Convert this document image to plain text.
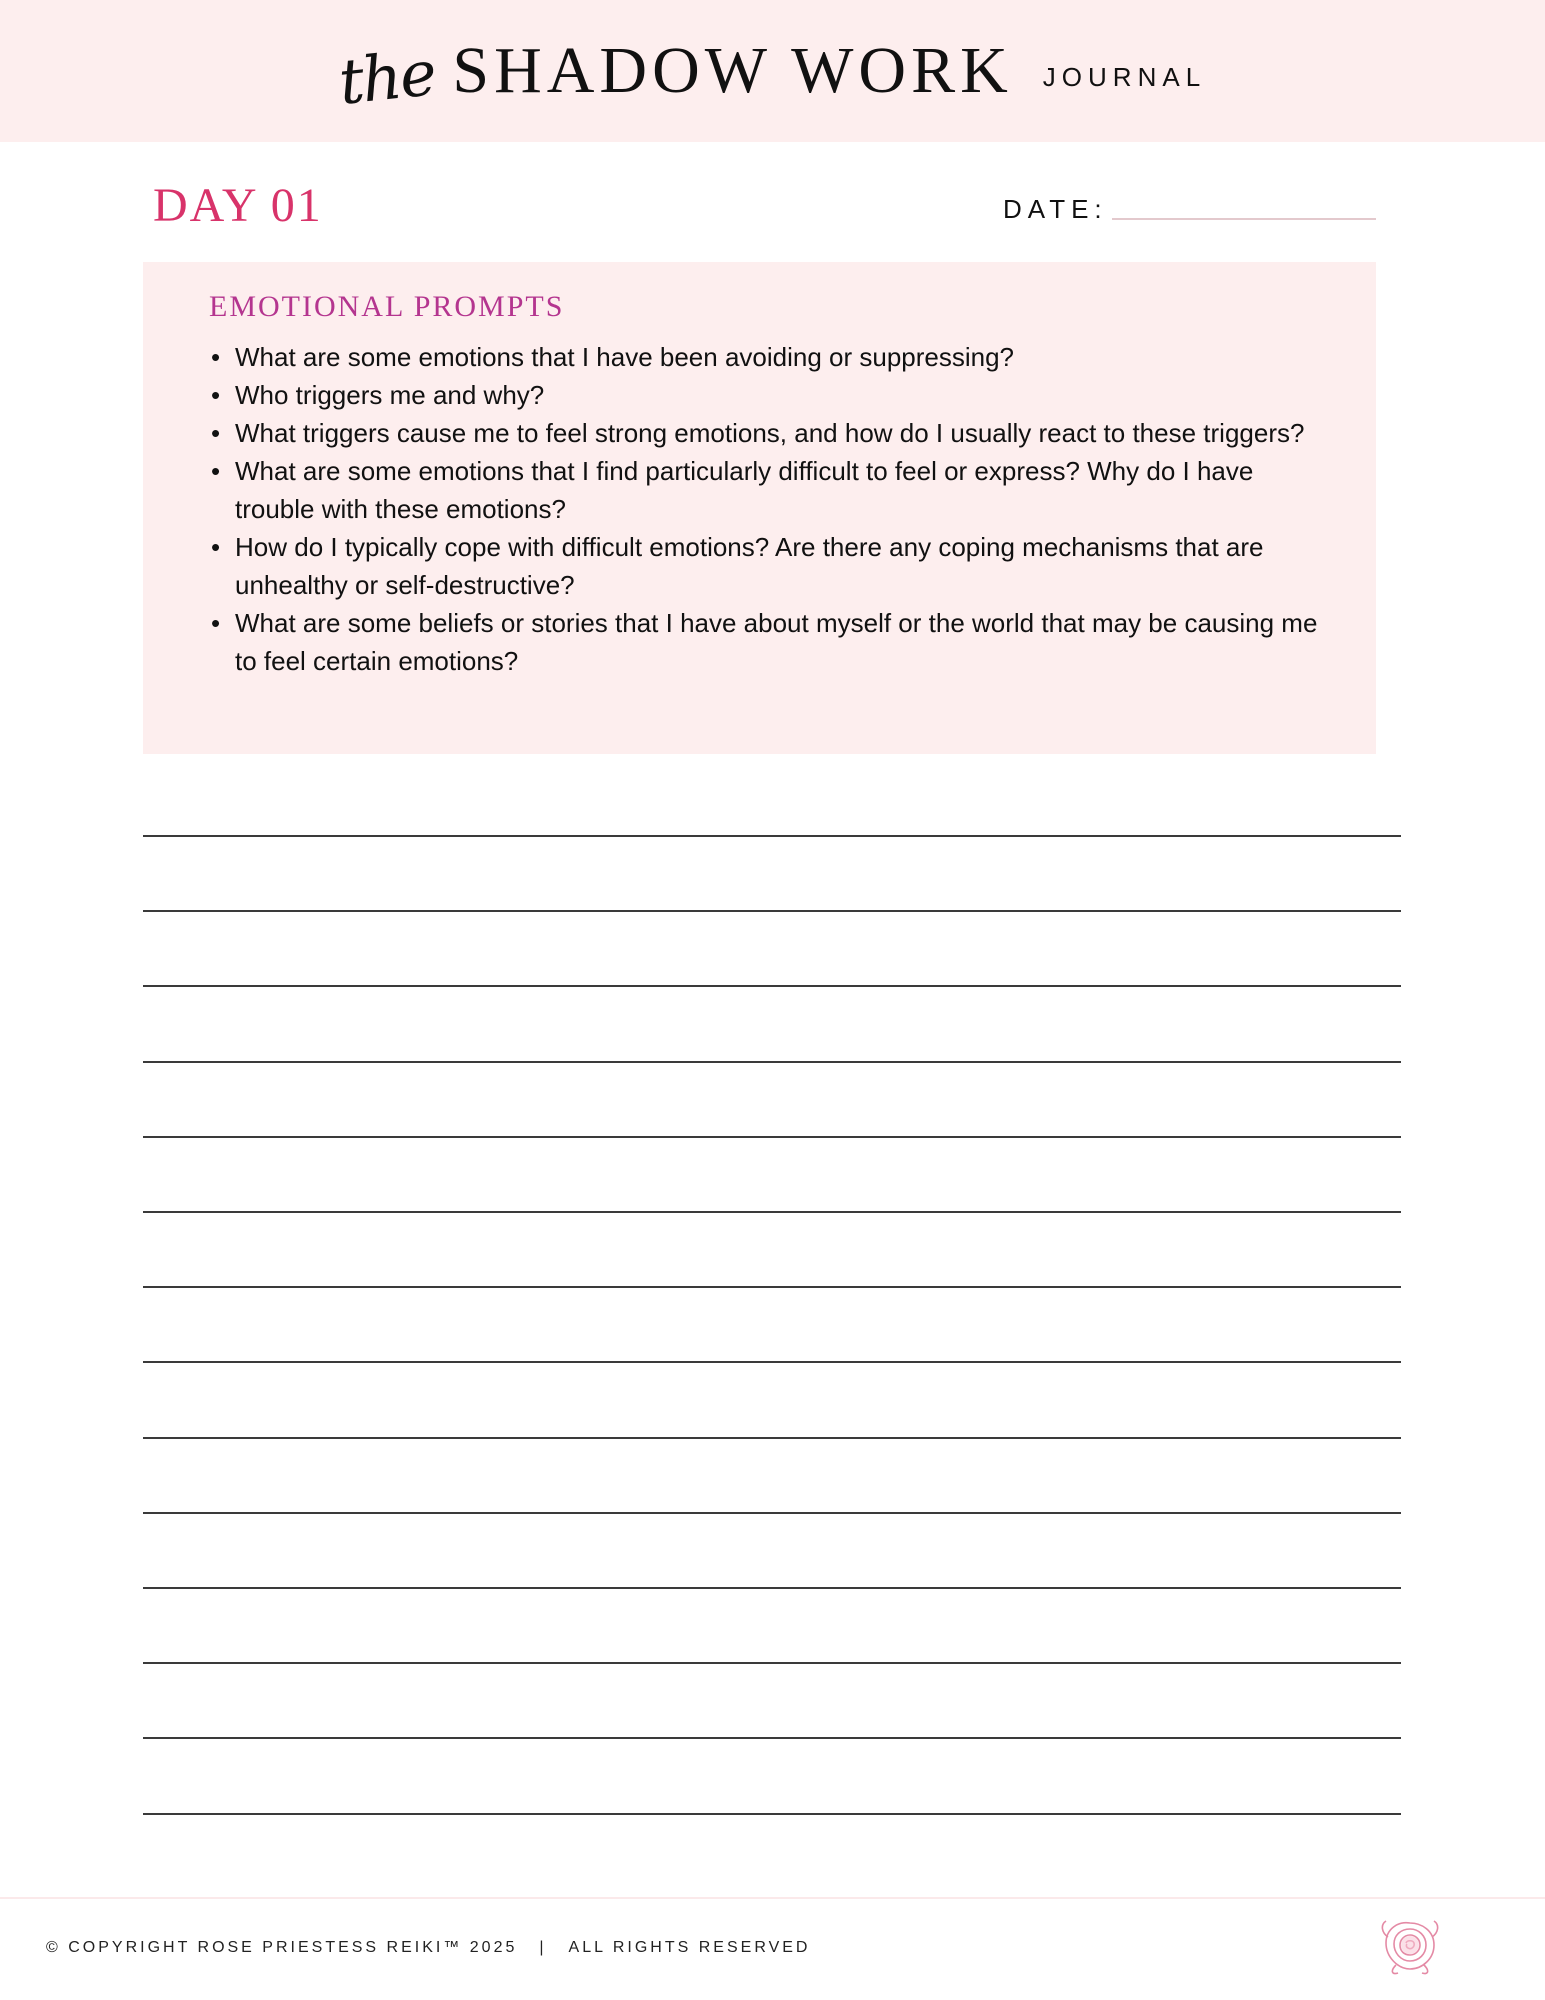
the SHADOW WORK JOURNAL
DAY 01	DATE:
EMOTIONAL PROMPTS
• What are some emotions that I have been avoiding or suppressing?
• Who triggers me and why?
• What triggers cause me to feel strong emotions, and how do I usually react to these triggers?
• What are some emotions that I find particularly difficult to feel or express? Why do I have trouble with these emotions?
• How do I typically cope with difficult emotions? Are there any coping mechanisms that are unhealthy or self-destructive?
• What are some beliefs or stories that I have about myself or the world that may be causing me to feel certain emotions?
© COPYRIGHT ROSE PRIESTESS REIKI™ 2025 | ALL RIGHTS RESERVED
